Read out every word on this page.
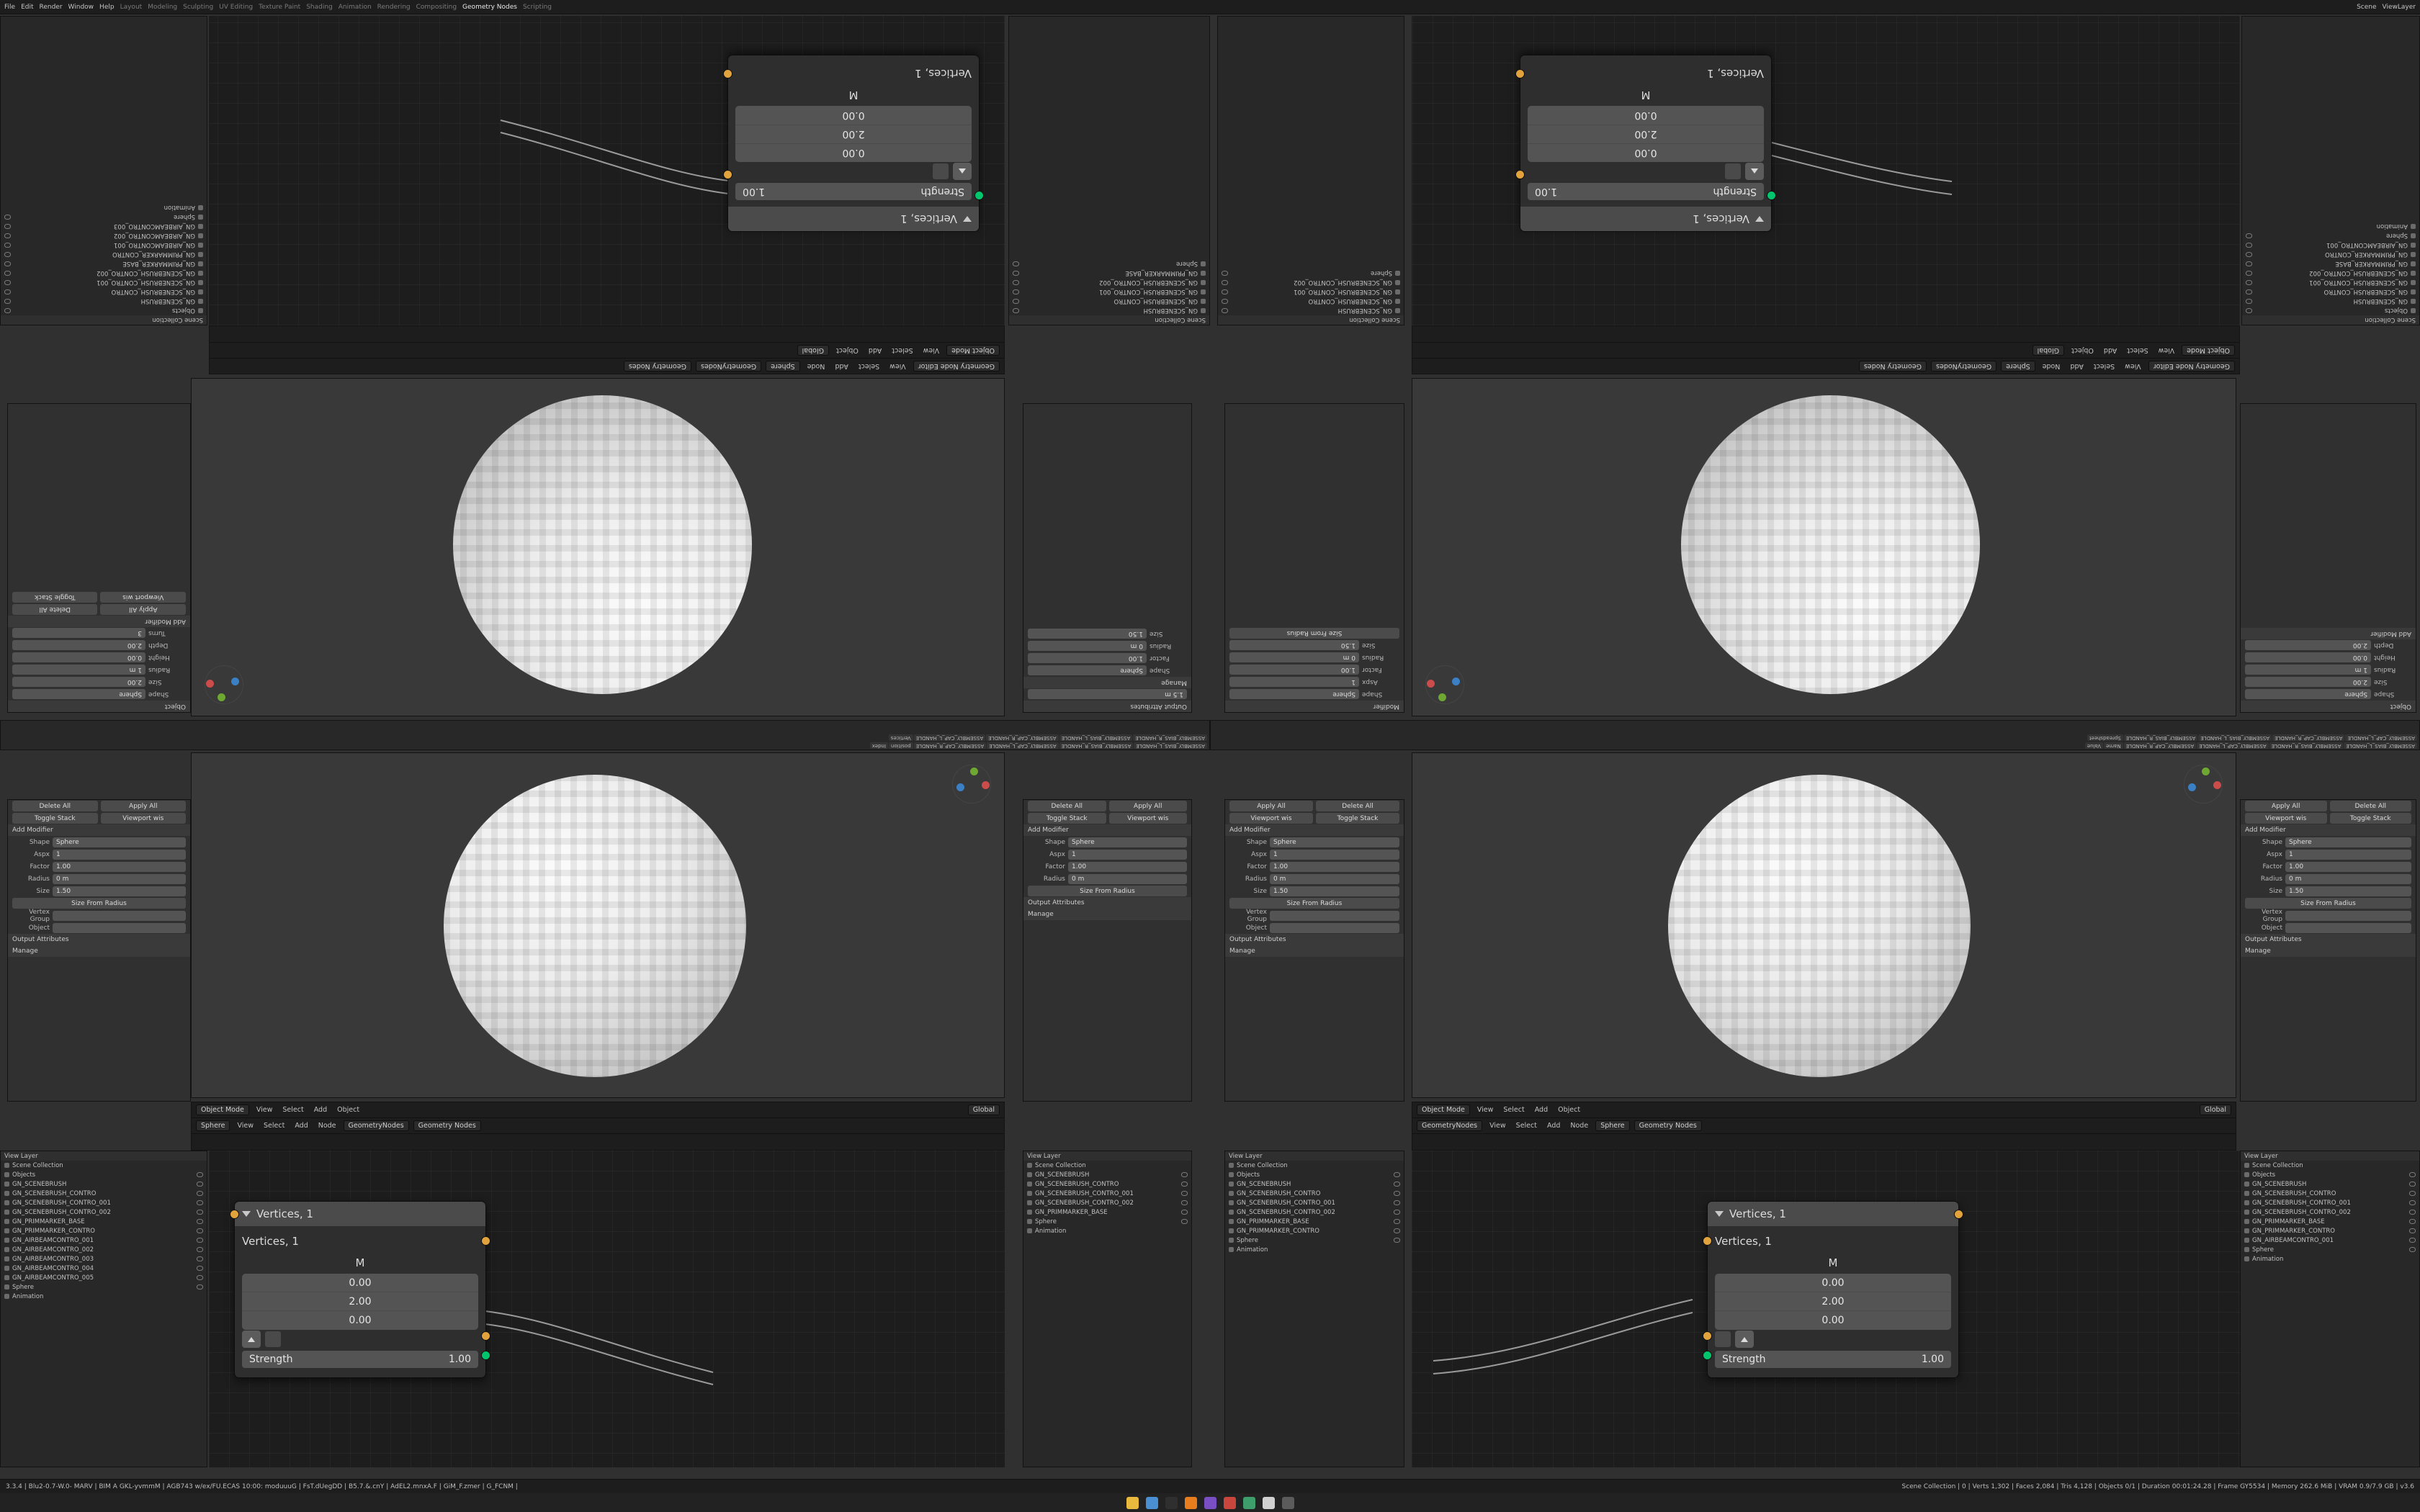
File Edit Render Window Help Layout Modeling Sculpting UV Editing Texture Paint Shading Animation Rendering Compositing Geometry Nodes Scripting	Scene ViewLayer
Vertices, 1
Strength
1.00
0.00
2.00
0.00
M
Vertices, 1
Scene Collection
Objects
GN_SCENEBRUSH
GN_SCENEBRUSH_CONTRO
GN_SCENEBRUSH_CONTRO_001
GN_SCENEBRUSH_CONTRO_002
GN_PRIMMARKER_BASE
GN_PRIMMARKER_CONTRO
GN_AIRBEAMCONTRO_001
GN_AIRBEAMCONTRO_002
GN_AIRBEAMCONTRO_003
Sphere
Animation
Vertices, 1
Strength
1.00
0.00
2.00
0.00
M
Vertices, 1
Scene Collection
Objects
GN_SCENEBRUSH
GN_SCENEBRUSH_CONTRO
GN_SCENEBRUSH_CONTRO_001
GN_SCENEBRUSH_CONTRO_002
GN_PRIMMARKER_BASE
GN_PRIMMARKER_CONTRO
GN_AIRBEAMCONTRO_001
Sphere
Animation
Scene Collection
GN_SCENEBRUSH
GN_SCENEBRUSH_CONTRO
GN_SCENEBRUSH_CONTRO_001
GN_SCENEBRUSH_CONTRO_002
GN_PRIMMARKER_BASE
Sphere
Scene Collection
GN_SCENEBRUSH
GN_SCENEBRUSH_CONTRO
GN_SCENEBRUSH_CONTRO_001
GN_SCENEBRUSH_CONTRO_002
Sphere
Geometry Node Editor
View
Select
Add
Node
Sphere
GeometryNodes
Geometry Nodes
Object Mode
View
Select
Add
Object
Global
Geometry Node Editor
View
Select
Add
Node
Sphere
GeometryNodes
Geometry Nodes
Object Mode
View
Select
Add
Object
Global
Object
Shape
Sphere
Size
2.00
Radius
1 m
Height
0.00
Depth
2.00
Turns
3
Add Modifier
Apply All
Delete All
Viewport wis
Toggle Stack
Output Attributes
1.5 m
Manage
Shape
Sphere
Factor
1.00
Radius
0 m
Size
1.50
Modifier
Shape
Sphere
Aspx
1
Factor
1.00
Radius
0 m
Size
1.50
Size From Radius
Object
Shape
Sphere
Size
2.00
Radius
1 m
Height
0.00
Depth
2.00
Add Modifier
ASSEMBLY_BIAS_L_HANDLE
ASSEMBLY_BIAS_R_HANDLE
ASSEMBLY_CAP_L_HANDLE
ASSEMBLY_CAP_R_HANDLE
position
Index
ASSEMBLY_BIAS_R_HANDLE
ASSEMBLY_BIAS_L_HANDLE
ASSEMBLY_CAP_R_HANDLE
ASSEMBLY_CAP_L_HANDLE
Vertices
ASSEMBLY_BIAS_L_HANDLE
ASSEMBLY_BIAS_R_HANDLE
ASSEMBLY_CAP_L_HANDLE
ASSEMBLY_CAP_R_HANDLE
Name
Value
ASSEMBLY_CAP_L_HANDLE
ASSEMBLY_CAP_R_HANDLE
ASSEMBLY_BIAS_L_HANDLE
ASSEMBLY_BIAS_R_HANDLE
Spreadsheet
Delete All	Apply All
Toggle Stack	Viewport wis
Add Modifier
Shape	Sphere
Aspx	1
Factor	1.00
Radius	0 m
Size	1.50
Size From Radius
Vertex Group
Object
Output Attributes
Manage
Delete All	Apply All
Toggle Stack	Viewport wis
Add Modifier
Shape	Sphere
Aspx	1
Factor	1.00
Radius	0 m
Size From Radius
Output Attributes
Manage
Apply All	Delete All
Viewport wis	Toggle Stack
Add Modifier
Shape	Sphere
Aspx	1
Factor	1.00
Radius	0 m
Size	1.50
Size From Radius
Vertex Group
Object
Output Attributes
Manage
Apply All	Delete All
Viewport wis	Toggle Stack
Add Modifier
Shape	Sphere
Aspx	1
Factor	1.00
Radius	0 m
Size	1.50
Size From Radius
Vertex Group
Object
Output Attributes
Manage
Object Mode	View	Select	Add	Object	Global
Sphere	View	Select	Add	Node	GeometryNodes	Geometry Nodes
Object Mode	View	Select	Add	Object	Global
GeometryNodes	View	Select	Add	Node	Sphere	Geometry Nodes
Vertices, 1
Vertices, 1
M
0.00
2.00
0.00
Strength	1.00
Vertices, 1
Vertices, 1
M
0.00
2.00
0.00
Strength	1.00
View Layer
Scene Collection
Objects
GN_SCENEBRUSH
GN_SCENEBRUSH_CONTRO
GN_SCENEBRUSH_CONTRO_001
GN_SCENEBRUSH_CONTRO_002
GN_PRIMMARKER_BASE
GN_PRIMMARKER_CONTRO
GN_AIRBEAMCONTRO_001
GN_AIRBEAMCONTRO_002
GN_AIRBEAMCONTRO_003
GN_AIRBEAMCONTRO_004
GN_AIRBEAMCONTRO_005
Sphere
Animation
View Layer
Scene Collection
GN_SCENEBRUSH
GN_SCENEBRUSH_CONTRO
GN_SCENEBRUSH_CONTRO_001
GN_SCENEBRUSH_CONTRO_002
GN_PRIMMARKER_BASE
Sphere
Animation
View Layer
Scene Collection
Objects
GN_SCENEBRUSH
GN_SCENEBRUSH_CONTRO
GN_SCENEBRUSH_CONTRO_001
GN_SCENEBRUSH_CONTRO_002
GN_PRIMMARKER_BASE
GN_PRIMMARKER_CONTRO
Sphere
Animation
View Layer
Scene Collection
Objects
GN_SCENEBRUSH
GN_SCENEBRUSH_CONTRO
GN_SCENEBRUSH_CONTRO_001
GN_SCENEBRUSH_CONTRO_002
GN_PRIMMARKER_BASE
GN_PRIMMARKER_CONTRO
GN_AIRBEAMCONTRO_001
Sphere
Animation
3.3.4 | Blu2-0.7-W.0- MARV | BIM A GKL-yvmmM | AGB743 w/ex/FU.ECAS 10:00: moduuuG | FsT.dUegDD | B5.7.&.cnY | AdEL2.mnxA.F | GiM_F.zmer | G_FCNM |	Scene Collection | 0 | Verts 1,302 | Faces 2,084 | Tris 4,128 | Objects 0/1 | Duration 00:01:24.28 | Frame GY5534 | Memory 262.6 MiB | VRAM 0.9/7.9 GB | v3.6
